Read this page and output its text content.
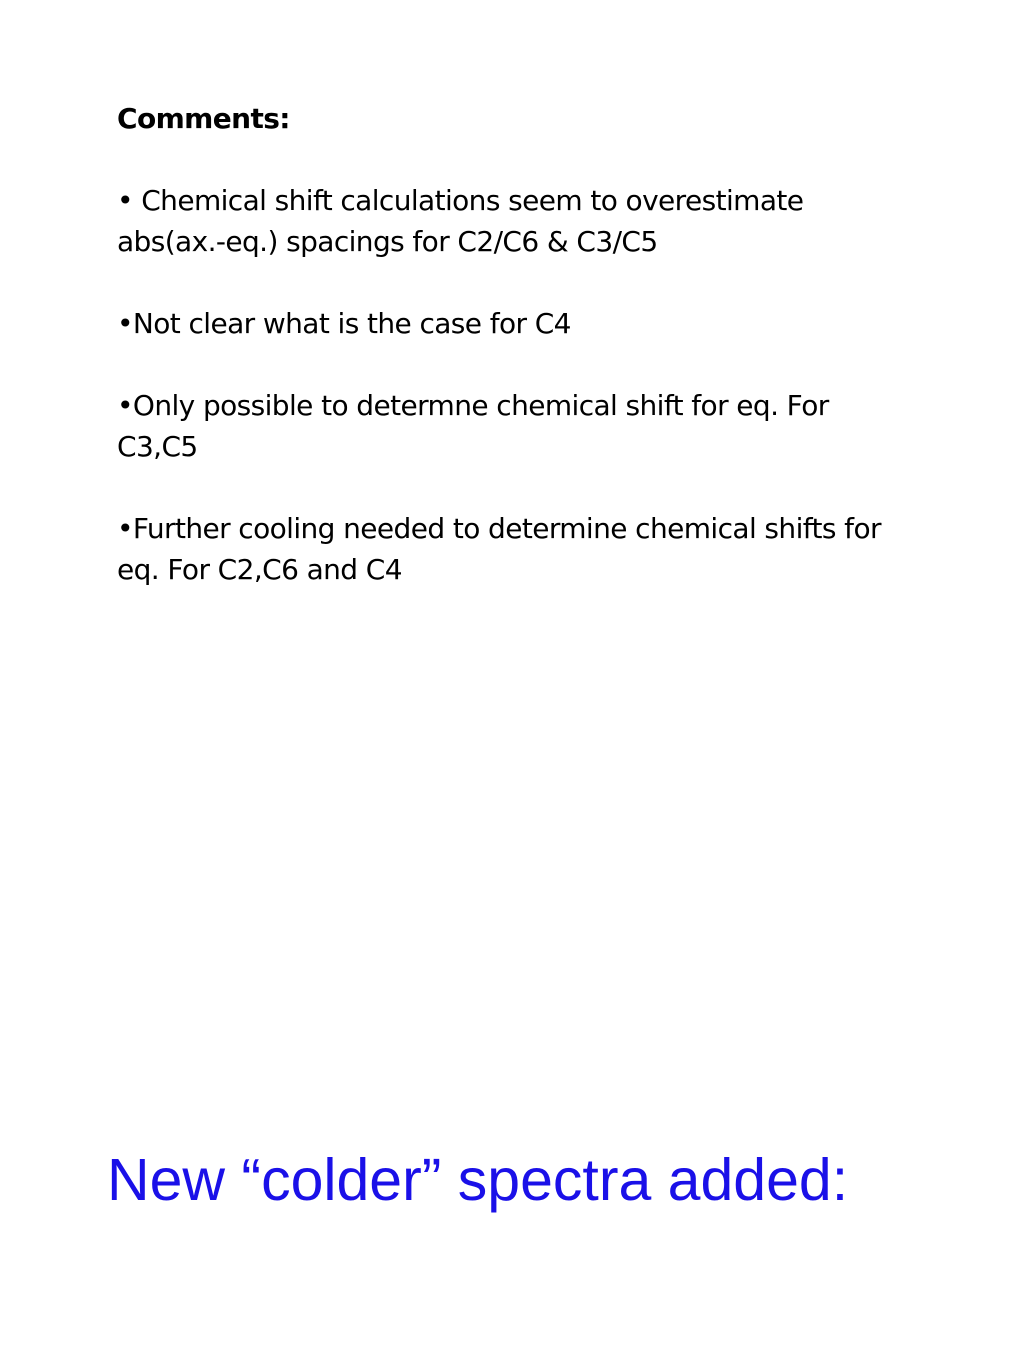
Comments:
• Chemical shift calculations seem to overestimate abs(ax.-eq.) spacings for C2/C6 & C3/C5
•Not clear what is the case for C4
•Only possible to determne chemical shift for eq. For C3,C5
•Further cooling needed to determine chemical shifts for eq. For C2,C6 and C4
New “colder” spectra added:
